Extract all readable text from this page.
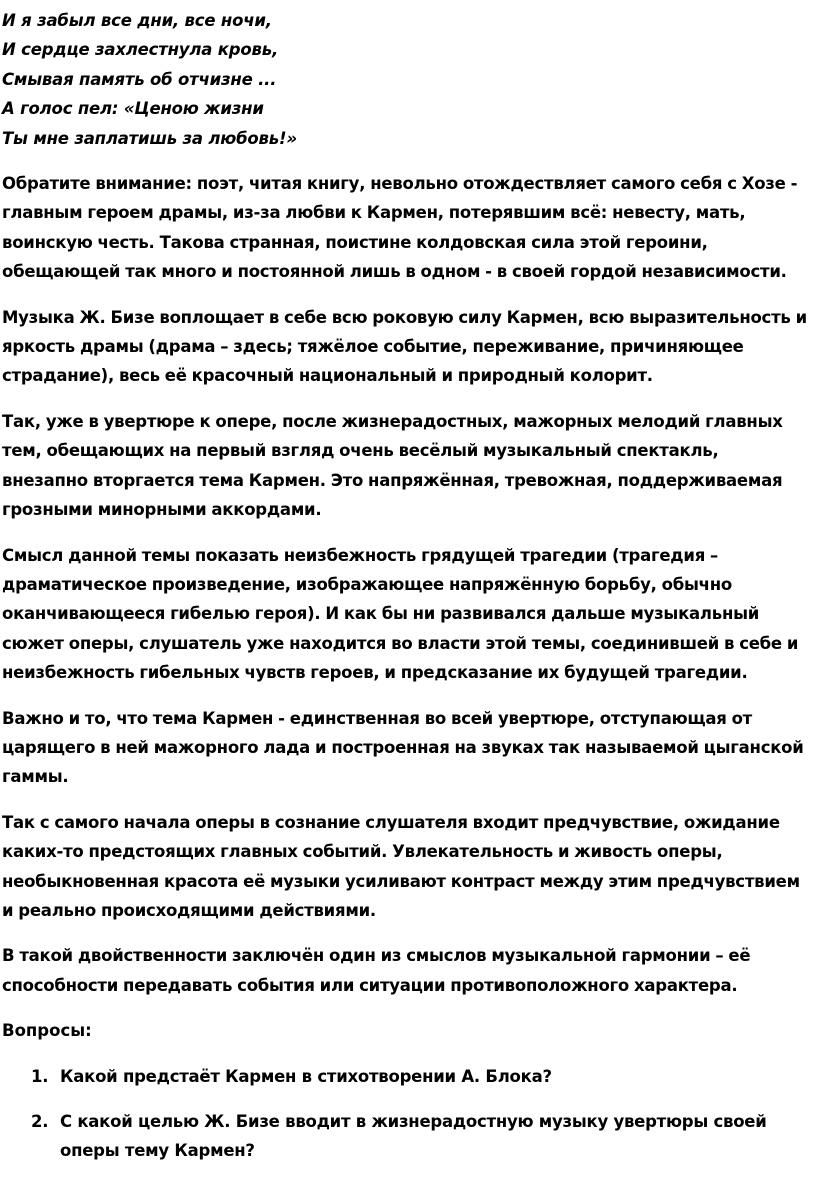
И я забыл все дни, все ночи,
И сердце захлестнула кровь,
Смывая память об отчизне ...
А голос пел: «Ценою жизни
Ты мне заплатишь за любовь!»

Обратите внимание: поэт, читая книгу, невольно отождествляет самого себя с Хозе - главным героем драмы, из-за любви к Кармен, потерявшим всё: невесту, мать, воинскую честь. Такова странная, поистине колдовская сила этой героини, обещающей так много и постоянной лишь в одном - в своей гордой независимости.

Музыка Ж. Бизе воплощает в себе всю роковую силу Кармен, всю выразительность и яркость драмы (драма – здесь; тяжёлое событие, переживание, причиняющее страдание), весь её красочный национальный и природный колорит.

Так, уже в увертюре к опере, после жизнерадостных, мажорных мелодий главных тем, обещающих на первый взгляд очень весёлый музыкальный спектакль, внезапно вторгается тема Кармен. Это напряжённая, тревожная, поддерживаемая грозными минорными аккордами.

Смысл данной темы показать неизбежность грядущей трагедии (трагедия – драматическое произведение, изображающее напряжённую борьбу, обычно оканчивающееся гибелью героя). И как бы ни развивался дальше музыкальный сюжет оперы, слушатель уже находится во власти этой темы, соединившей в себе и неизбежность гибельных чувств героев, и предсказание их будущей трагедии.

Важно и то, что тема Кармен - единственная во всей увертюре, отступающая от царящего в ней мажорного лада и построенная на звуках так называемой цыганской гаммы.

Так с самого начала оперы в сознание слушателя входит предчувствие, ожидание каких-то предстоящих главных событий. Увлекательность и живость оперы, необыкновенная красота её музыки усиливают контраст между этим предчувствием и реально происходящими действиями.

В такой двойственности заключён один из смыслов музыкальной гармонии – её способности передавать события или ситуации противоположного характера.

Вопросы:

1. Какой предстаёт Кармен в стихотворении А. Блока?
2. С какой целью Ж. Бизе вводит в жизнерадостную музыку увертюры своей оперы тему Кармен?
